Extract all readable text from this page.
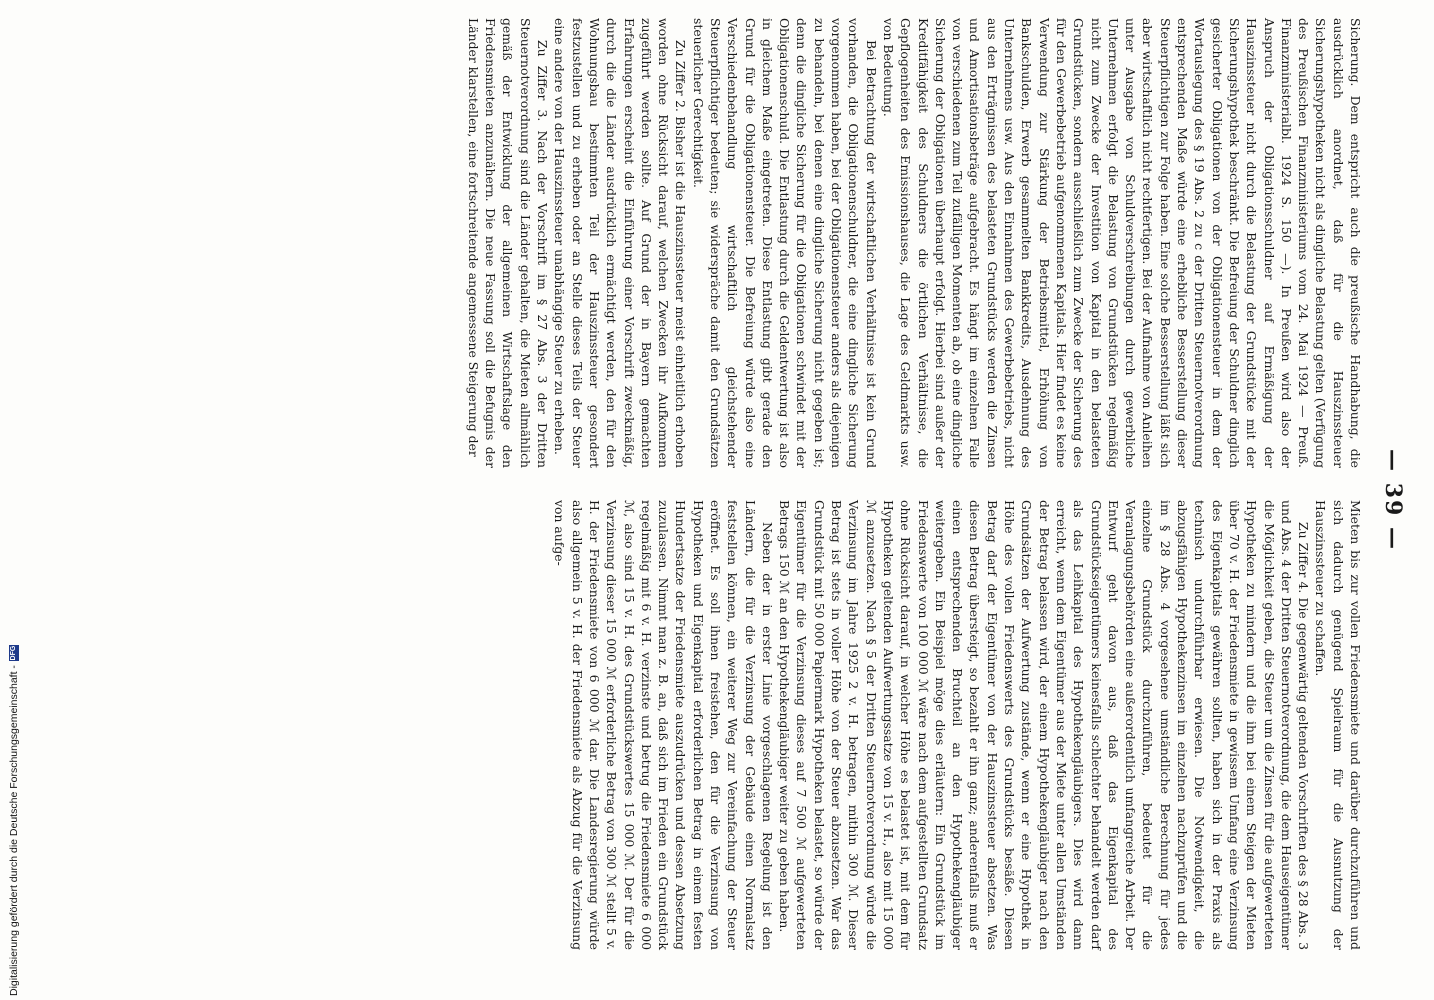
— 39 —

Sicherung. Dem entspricht auch die preußische Handhabung, die ausdrücklich anordnet, daß für die Hauszinssteuer Sicherungshypotheken nicht als dingliche Belastung gelten (Verfügung des Preußischen Finanzministeriums vom 24. Mai 1924 — Preuß. Finanzministerialbl. 1924 S. 150 —). In Preußen wird also der Anspruch der Obligationsschuldner auf Ermäßigung der Hauszinssteuer nicht durch die Belastung der Grundstücke mit der Sicherungshypothek beschränkt. Die Befreiung der Schuldner dinglich gesicherter Obligationen von der Obligationensteuer in dem der Wortauslegung des § 19 Abs. 2 zu c der Dritten Steuernotverordnung entsprechenden Maße würde eine erhebliche Besserstellung dieser Steuerpflichtigen zur Folge haben. Eine solche Besserstellung läßt sich aber wirtschaftlich nicht rechtfertigen. Bei der Aufnahme von Anleihen unter Ausgabe von Schuldverschreibungen durch gewerbliche Unternehmen erfolgt die Belastung von Grundstücken regelmäßig nicht zum Zwecke der Investition von Kapital in den belasteten Grundstücken, sondern ausschließlich zum Zwecke der Sicherung des für den Gewerbebetrieb aufgenommenen Kapitals. Hier findet es keine Verwendung zur Stärkung der Betriebsmittel, Erhöhung von Bankschulden, Erwerb gesammelten Bankkredits, Ausdehnung des Unternehmens usw. Aus den Einnahmen des Gewerbebetriebs, nicht aus den Erträgnissen des belasteten Grundstücks werden die Zinsen und Amortisationsbeträge aufgebracht. Es hängt im einzelnen Falle von verschiedenen zum Teil zufälligen Momenten ab, ob eine dingliche Sicherung der Obligationen überhaupt erfolgt. Hierbei sind außer der Kreditfähigkeit des Schuldners die örtlichen Verhältnisse, die Gepflogenheiten des Emissionshauses, die Lage des Geldmarkts usw. von Bedeutung.

Bei Betrachtung der wirtschaftlichen Verhältnisse ist kein Grund vorhanden, die Obligationenschuldner, die eine dingliche Sicherung vorgenommen haben, bei der Obligationensteuer anders als diejenigen zu behandeln, bei denen eine dingliche Sicherung nicht gegeben ist; denn die dingliche Sicherung für die Obligationen schwindet mit der Obligationenschuld. Die Entlastung durch die Geldentwertung ist also in gleichem Maße eingetreten. Diese Entlastung gibt gerade den Grund für die Obligationensteuer. Die Befreiung würde also eine Verschiedenbehandlung wirtschaftlich gleichstehender Steuerpflichtiger bedeuten; sie widerspräche damit den Grundsätzen steuerlicher Gerechtigkeit.

Zu Ziffer 2. Bisher ist die Hauszinssteuer meist einheitlich erhoben worden ohne Rücksicht darauf, welchen Zwecken ihr Aufkommen zugeführt werden sollte. Auf Grund der in Bayern gemachten Erfahrungen erscheint die Einführung einer Vorschrift zweckmäßig, durch die die Länder ausdrücklich ermächtigt werden, den für den Wohnungsbau bestimmten Teil der Hauszinssteuer gesondert festzustellen und zu erheben oder an Stelle dieses Teils der Steuer eine andere von der Hauszinssteuer unabhängige Steuer zu erheben.

Zu Ziffer 3. Nach der Vorschrift im § 27 Abs. 3 der Dritten Steuernotverordnung sind die Länder gehalten, die Mieten allmählich gemäß der Entwicklung der allgemeinen Wirtschaftslage den Friedensmieten anzunähern. Die neue Fassung soll die Befugnis der Länder klarstellen, eine fortschreitende angemessene Steigerung der

Mieten bis zur vollen Friedensmiete und darüber durchzuführen und sich dadurch genügend Spielraum für die Ausnutzung der Hauszinssteuer zu schaffen.

Zu Ziffer 4. Die gegenwärtig geltenden Vorschriften des § 28 Abs. 3 und Abs. 4 der Dritten Steuernotverordnung, die dem Hauseigentümer die Möglichkeit geben, die Steuer um die Zinsen für die aufgewerteten Hypotheken zu mindern und die ihm bei einem Steigen der Mieten über 70 v. H. der Friedensmiete in gewissem Umfang eine Verzinsung des Eigenkapitals gewähren sollten, haben sich in der Praxis als technisch undurchführbar erwiesen. Die Notwendigkeit, die abzugsfähigen Hypothekenzinsen im einzelnen nachzuprüfen und die im § 28 Abs. 4 vorgesehene umständliche Berechnung für jedes einzelne Grundstück durchzuführen, bedeutet für die Veranlagungsbehörden eine außerordentlich umfangreiche Arbeit. Der Entwurf geht davon aus, daß das Eigenkapital des Grundstückseigentümers keinesfalls schlechter behandelt werden darf als das Leihkapital des Hypothekengläubigers. Dies wird dann erreicht, wenn dem Eigentümer aus der Miete unter allen Umständen der Betrag belassen wird, der einem Hypothekengläubiger nach den Grundsätzen der Aufwertung zustände, wenn er eine Hypothek in Höhe des vollen Friedenswerts des Grundstücks besäße. Diesen Betrag darf der Eigentümer von der Hauszinssteuer absetzen. Was diesen Betrag übersteigt, so bezahlt er ihn ganz; anderenfalls muß er einen entsprechenden Bruchteil an den Hypothekengläubiger weitergeben. Ein Beispiel möge dies erläutern: Ein Grundstück im Friedenswerte von 100 000 ℳ wäre nach dem aufgestellten Grundsatz ohne Rücksicht darauf, in welcher Höhe es belastet ist, mit dem für Hypotheken geltenden Aufwertungssatze von 15 v. H., also mit 15 000 ℳ anzusetzen. Nach § 5 der Dritten Steuernotverordnung würde die Verzinsung im Jahre 1925 2 v. H. betragen, mithin 300 ℳ. Dieser Betrag ist stets in voller Höhe von der Steuer abzusetzen. War das Grundstück mit 50 000 Papiermark Hypotheken belastet, so würde der Eigentümer für die Verzinsung dieses auf 7 500 ℳ aufgewerteten Betrags 150 ℳ an den Hypothekengläubiger weiter zu geben haben.

Neben der in erster Linie vorgeschlagenen Regelung ist den Ländern, die für die Verzinsung der Gebäude einen Normalsatz feststellen können, ein weiterer Weg zur Vereinfachung der Steuer eröffnet. Es soll ihnen freistehen, den für die Verzinsung von Hypotheken und Eigenkapital erforderlichen Betrag in einem festen Hundertsatze der Friedensmiete auszudrücken und dessen Absetzung zuzulassen. Nimmt man z. B. an, daß sich im Frieden ein Grundstück regelmäßig mit 6 v. H. verzinste und betrug die Friedensmiete 6 000 ℳ, also sind 15 v. H. des Grundstückswertes 15 000 ℳ. Der für die Verzinsung dieser 15 000 ℳ erforderliche Betrag von 300 ℳ stellt 5 v. H. der Friedensmiete von 6 000 ℳ dar. Die Landesregierung würde also allgemein 5 v. H. der Friedensmiete als Abzug für die Verzinsung von aufge-

Digitalisierung gefördert durch die Deutsche Forschungsgemeinschaft -
DFG
